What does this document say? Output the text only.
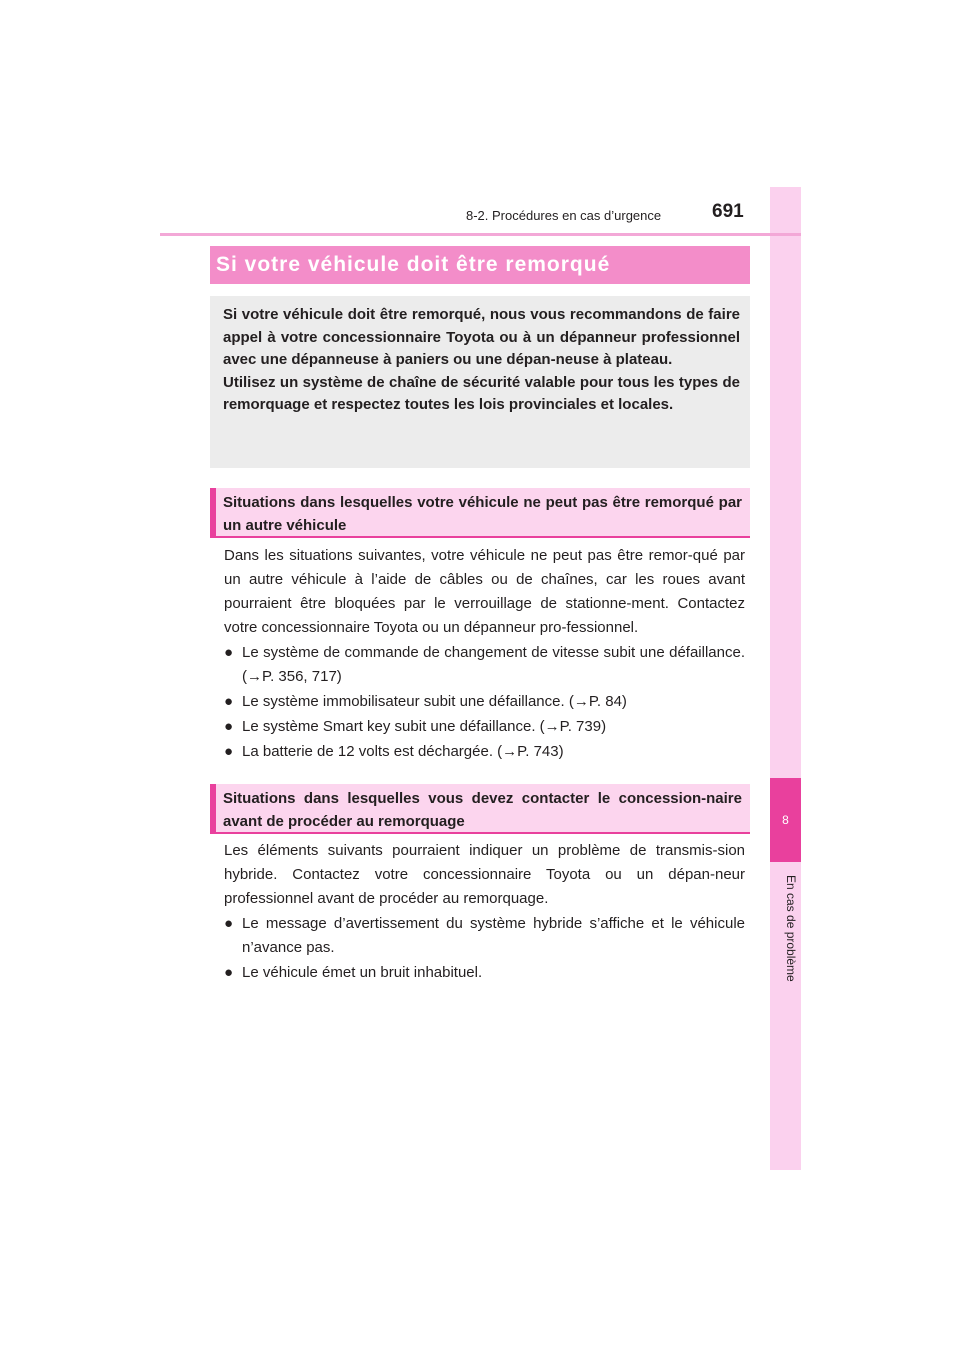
8
En cas de problème
8-2. Procédures en cas d’urgence	691
Si votre véhicule doit être remorqué

Si votre véhicule doit être remorqué, nous vous recommandons de faire appel à votre concessionnaire Toyota ou à un dépanneur professionnel avec une dépanneuse à paniers ou une dépan-neuse à plateau.

Utilisez un système de chaîne de sécurité valable pour tous les types de remorquage et respectez toutes les lois provinciales et locales.

Situations dans lesquelles votre véhicule ne peut pas être remorqué par un autre véhicule

Dans les situations suivantes, votre véhicule ne peut pas être remor-qué par un autre véhicule à l’aide de câbles ou de chaînes, car les roues avant pourraient être bloquées par le verrouillage de stationne-ment. Contactez votre concessionnaire Toyota ou un dépanneur pro-fessionnel.

● Le système de commande de changement de vitesse subit une défaillance. (→P. 356, 717)
● Le système immobilisateur subit une défaillance. (→P. 84)
● Le système Smart key subit une défaillance. (→P. 739)
● La batterie de 12 volts est déchargée. (→P. 743)
Situations dans lesquelles vous devez contacter le concession-naire avant de procéder au remorquage

Les éléments suivants pourraient indiquer un problème de transmis-sion hybride. Contactez votre concessionnaire Toyota ou un dépan-neur professionnel avant de procéder au remorquage.

● Le message d’avertissement du système hybride s’affiche et le véhicule n’avance pas.
● Le véhicule émet un bruit inhabituel.
